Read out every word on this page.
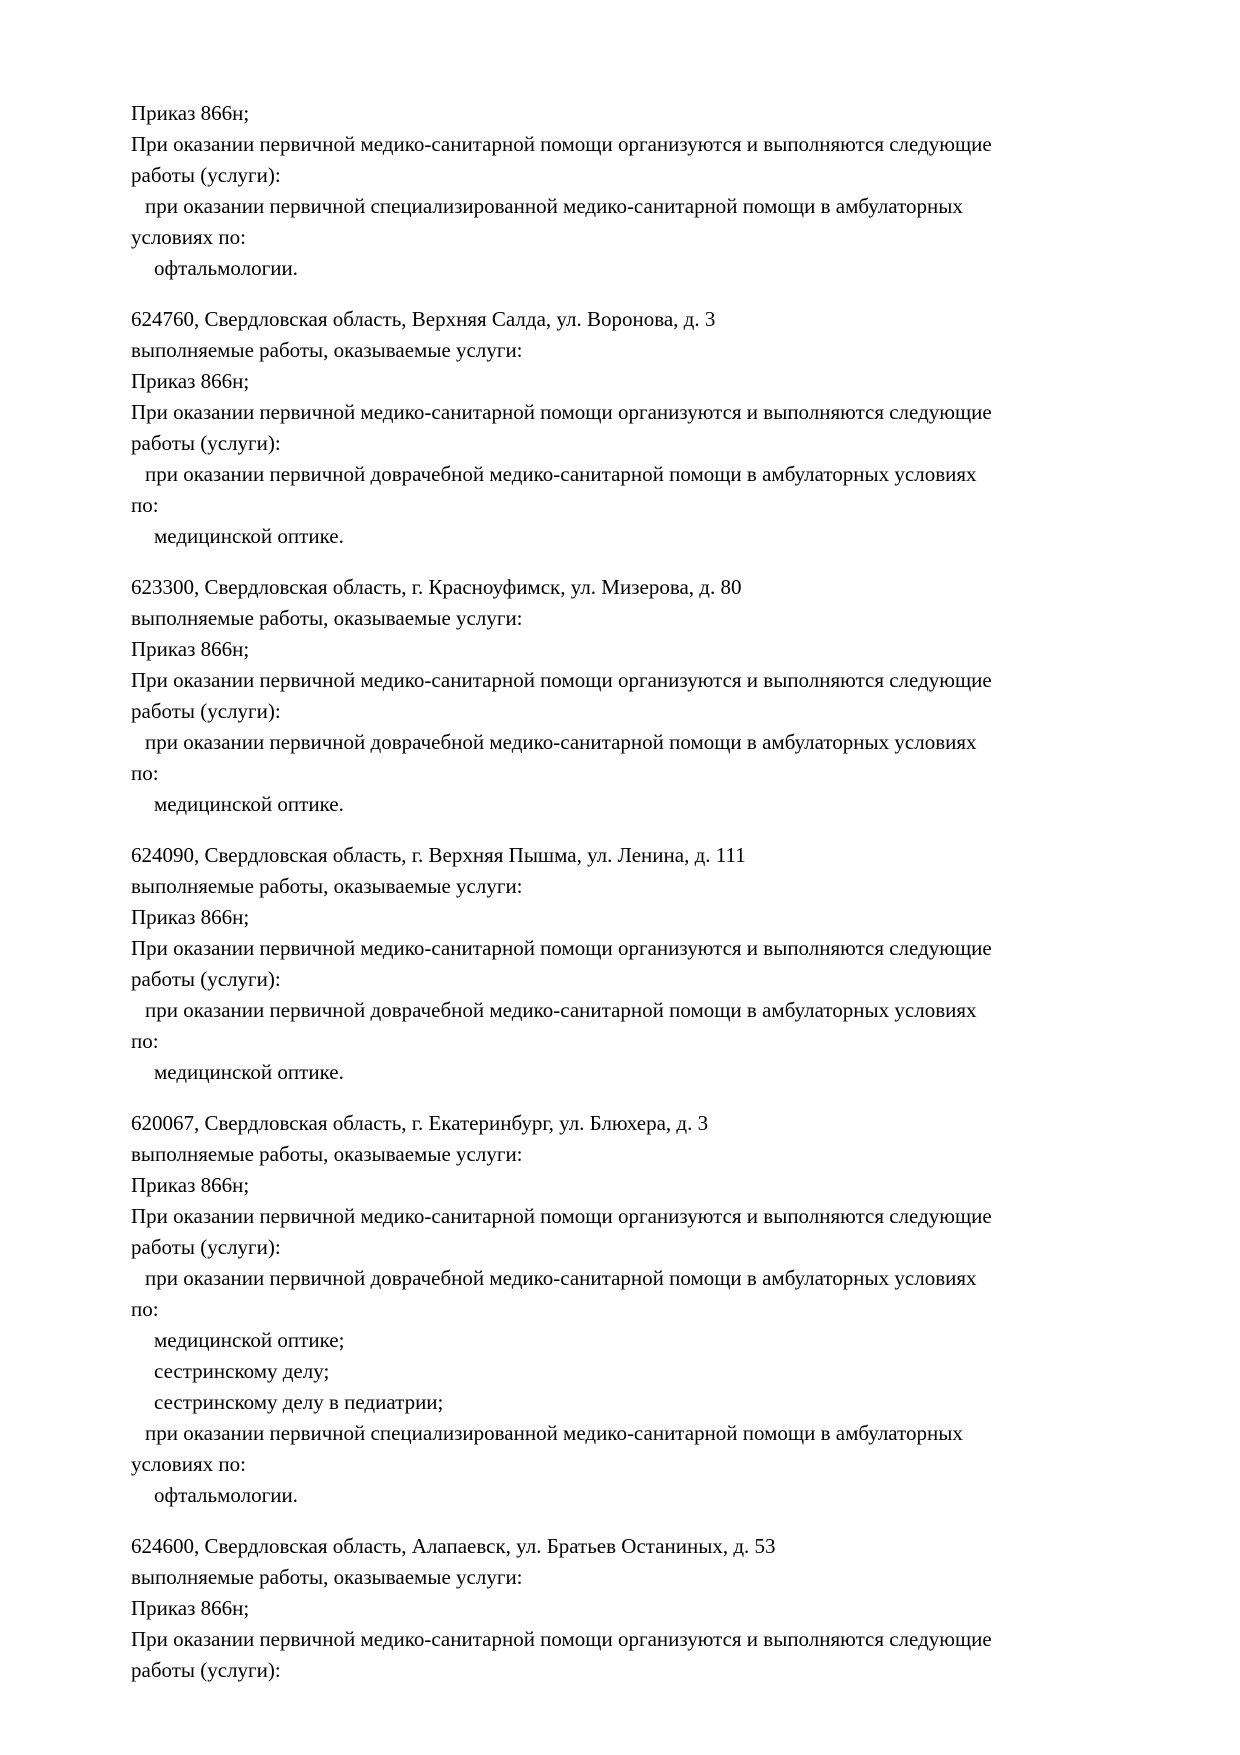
Приказ 866н;
При оказании первичной медико-санитарной помощи организуются и выполняются следующие
работы (услуги):
при оказании первичной специализированной медико-санитарной помощи в амбулаторных
условиях по:
офтальмологии.
624760, Свердловская область, Верхняя Салда, ул. Воронова, д. 3
выполняемые работы, оказываемые услуги:
Приказ 866н;
При оказании первичной медико-санитарной помощи организуются и выполняются следующие
работы (услуги):
при оказании первичной доврачебной медико-санитарной помощи в амбулаторных условиях
по:
медицинской оптике.
623300, Свердловская область, г. Красноуфимск, ул. Мизерова, д. 80
выполняемые работы, оказываемые услуги:
Приказ 866н;
При оказании первичной медико-санитарной помощи организуются и выполняются следующие
работы (услуги):
при оказании первичной доврачебной медико-санитарной помощи в амбулаторных условиях
по:
медицинской оптике.
624090, Свердловская область, г. Верхняя Пышма, ул. Ленина, д. 111
выполняемые работы, оказываемые услуги:
Приказ 866н;
При оказании первичной медико-санитарной помощи организуются и выполняются следующие
работы (услуги):
при оказании первичной доврачебной медико-санитарной помощи в амбулаторных условиях
по:
медицинской оптике.
620067, Свердловская область, г. Екатеринбург, ул. Блюхера, д. 3
выполняемые работы, оказываемые услуги:
Приказ 866н;
При оказании первичной медико-санитарной помощи организуются и выполняются следующие
работы (услуги):
при оказании первичной доврачебной медико-санитарной помощи в амбулаторных условиях
по:
медицинской оптике;
сестринскому делу;
сестринскому делу в педиатрии;
при оказании первичной специализированной медико-санитарной помощи в амбулаторных
условиях по:
офтальмологии.
624600, Свердловская область, Алапаевск, ул. Братьев Останиных, д. 53
выполняемые работы, оказываемые услуги:
Приказ 866н;
При оказании первичной медико-санитарной помощи организуются и выполняются следующие
работы (услуги):
